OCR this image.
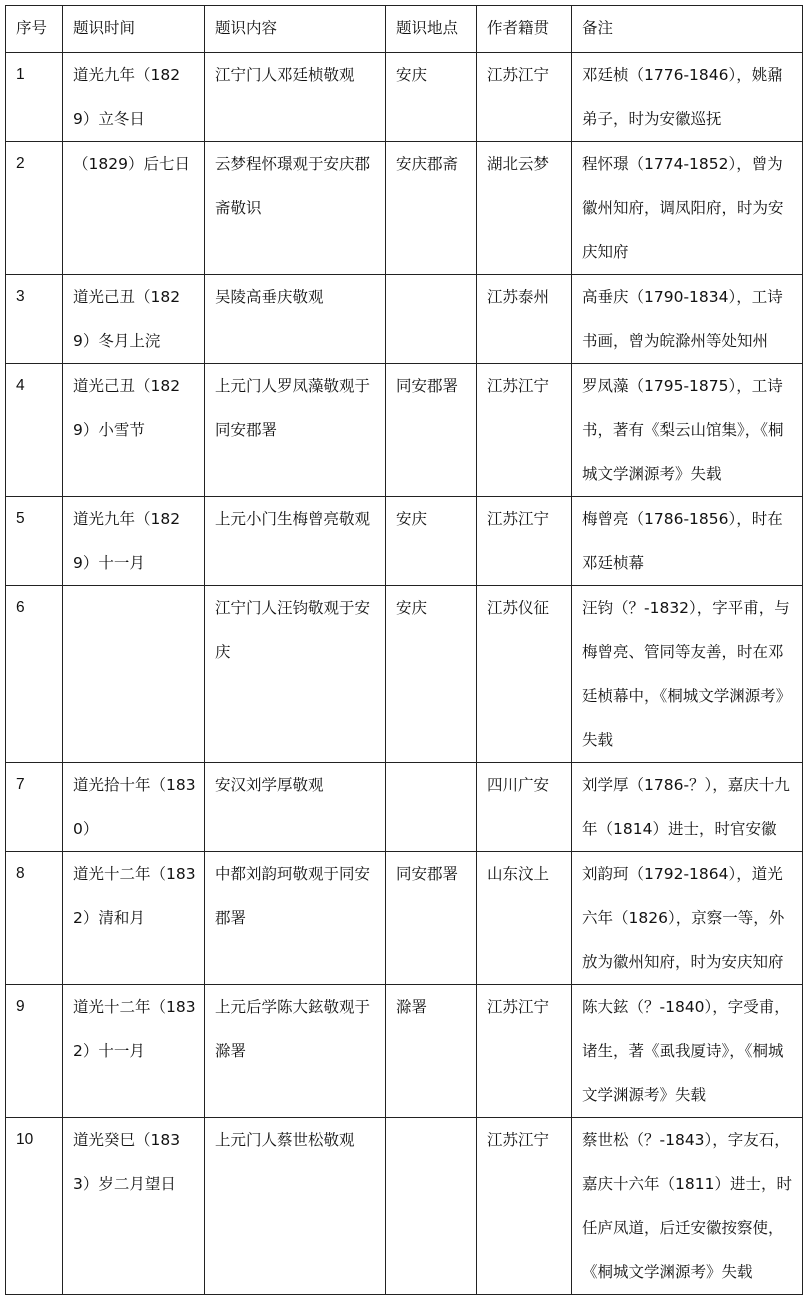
序号	题识时间	题识内容	题识地点	作者籍贯	备注
1	道光九年（1829）立冬日	江宁门人邓廷桢敬观	安庆	江苏江宁	邓廷桢（1776-1846），姚鼐弟子，时为安徽巡抚
2	（1829）后七日	云梦程怀璟观于安庆郡斋敬识	安庆郡斋	湖北云梦	程怀璟（1774-1852），曾为徽州知府，调凤阳府，时为安庆知府
3	道光己丑（1829）冬月上浣	吴陵高垂庆敬观		江苏泰州	高垂庆（1790-1834），工诗书画，曾为皖滁州等处知州
4	道光己丑（1829）小雪节	上元门人罗凤藻敬观于同安郡署	同安郡署	江苏江宁	罗凤藻（1795-1875），工诗书，著有《梨云山馆集》，《桐城文学渊源考》失载
5	道光九年（1829）十一月	上元小门生梅曾亮敬观	安庆	江苏江宁	梅曾亮（1786-1856），时在邓廷桢幕
6		江宁门人汪钧敬观于安庆	安庆	江苏仪征	汪钧（？-1832），字平甫，与梅曾亮、管同等友善，时在邓廷桢幕中，《桐城文学渊源考》失载
7	道光拾十年（1830）	安汉刘学厚敬观		四川广安	刘学厚（1786-？），嘉庆十九年（1814）进士，时官安徽
8	道光十二年（1832）清和月	中都刘韵珂敬观于同安郡署	同安郡署	山东汶上	刘韵珂（1792-1864），道光六年（1826），京察一等，外放为徽州知府，时为安庆知府
9	道光十二年（1832）十一月	上元后学陈大鉉敬观于滁署	滁署	江苏江宁	陈大鉉（？-1840），字受甫，诸生，著《虱我厦诗》，《桐城文学渊源考》失载
10	道光癸巳（1833）岁二月望日	上元门人蔡世松敬观		江苏江宁	蔡世松（？-1843），字友石，嘉庆十六年（1811）进士，时任庐凤道，后迁安徽按察使，《桐城文学渊源考》失载
